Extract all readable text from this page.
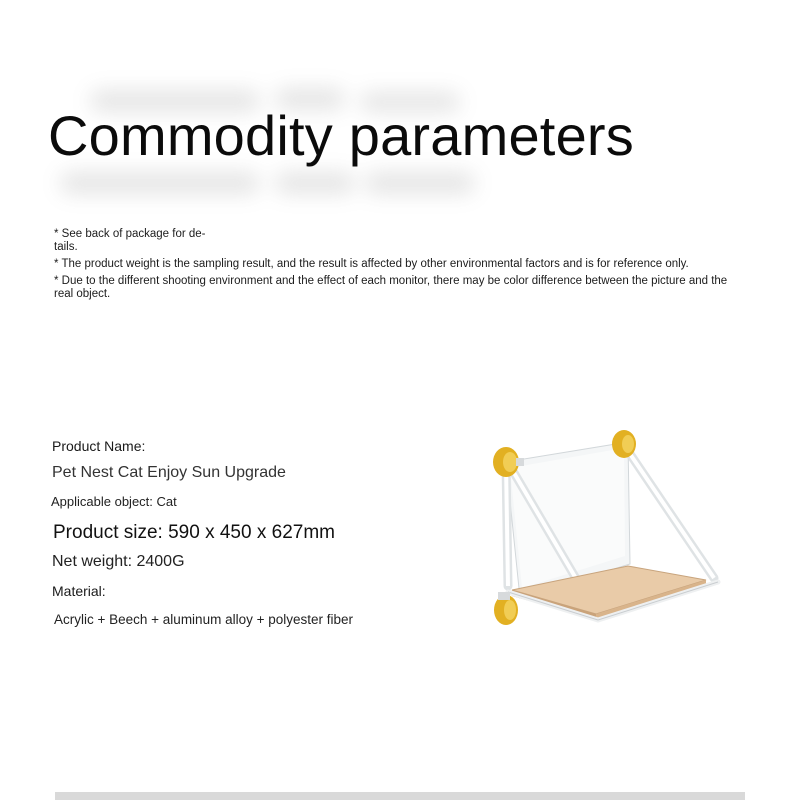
Commodity parameters

* See back of package for de- tails.

* The product weight is the sampling result, and the result is affected by other environmental factors and is for reference only.

* Due to the different shooting environment and the effect of each monitor, there may be color difference between the picture and the real object.

Product Name:
Pet Nest Cat Enjoy Sun Upgrade
Applicable object: Cat
Product size: 590 x 450 x 627mm
Net weight: 2400G
Material:
Acrylic + Beech + aluminum alloy + polyester fiber
